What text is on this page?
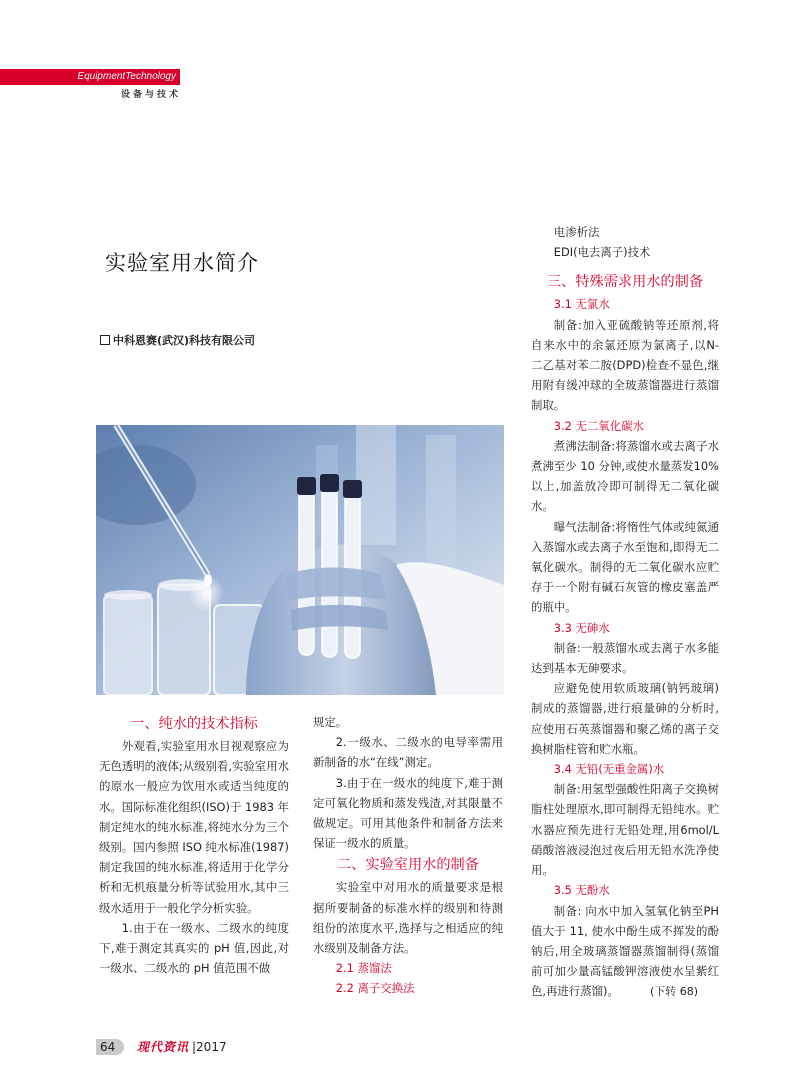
EquipmentTechnology
设备与技术
实验室用水简介
中科恩赛(武汉)科技有限公司
一、纯水的技术指标

外观看,实验室用水目视观察应为无色透明的液体;从级别看,实验室用水的原水一般应为饮用水或适当纯度的水。国际标准化组织(ISO)于 1983 年制定纯水的纯水标准,将纯水分为三个级别。国内参照 ISO 纯水标准(1987)制定我国的纯水标准,将适用于化学分析和无机痕量分析等试验用水,其中三级水适用于一般化学分析实验。

1.由于在一级水、二级水的纯度下,难于测定其真实的 pH 值,因此,对一级水、二级水的 pH 值范围不做

规定。

2.一级水、二级水的电导率需用新制备的水“在线”测定。

3.由于在一级水的纯度下,难于测定可氧化物质和蒸发残渣,对其限量不做规定。可用其他条件和制备方法来保证一级水的质量。

二、实验室用水的制备

实验室中对用水的质量要求是根据所要制备的标准水样的级别和待测组份的浓度水平,选择与之相适应的纯水级别及制备方法。

2.1 蒸馏法
2.2 离子交换法
电渗析法
EDI(电去离子)技术
三、特殊需求用水的制备
3.1 无氯水

制备:加入亚硫酸钠等还原剂,将自来水中的余氯还原为氯离子,以N- 二乙基对苯二胺(DPD)检查不显色,继用附有缓冲球的全玻蒸馏器进行蒸馏制取。

3.2 无二氧化碳水

煮沸法制备:将蒸馏水或去离子水煮沸至少 10 分钟,或使水量蒸发10%以上,加盖放冷即可制得无二氧化碳水。

曝气法制备:将惰性气体或纯氮通入蒸馏水或去离子水至饱和,即得无二氧化碳水。制得的无二氧化碳水应贮存于一个附有碱石灰管的橡皮塞盖严的瓶中。

3.3 无砷水

制备:一般蒸馏水或去离子水多能达到基本无砷要求。

应避免使用软质玻璃(钠钙玻璃)制成的蒸馏器,进行痕量砷的分析时,应使用石英蒸馏器和聚乙烯的离子交换树脂柱管和贮水瓶。

3.4 无铅(无重金属)水

制备:用氢型强酸性阳离子交换树脂柱处理原水,即可制得无铅纯水。贮水器应预先进行无铅处理,用6mol/L 硝酸溶液浸泡过夜后用无铅水洗净使用。

3.5 无酚水

制备: 向水中加入氢氧化钠至PH 值大于 11, 使水中酚生成不挥发的酚钠后,用全玻璃蒸馏器蒸馏制得(蒸馏前可加少量高锰酸钾溶液使水呈紫红色,再进行蒸馏)。	(下转 68)
64 现代资讯 |2017
